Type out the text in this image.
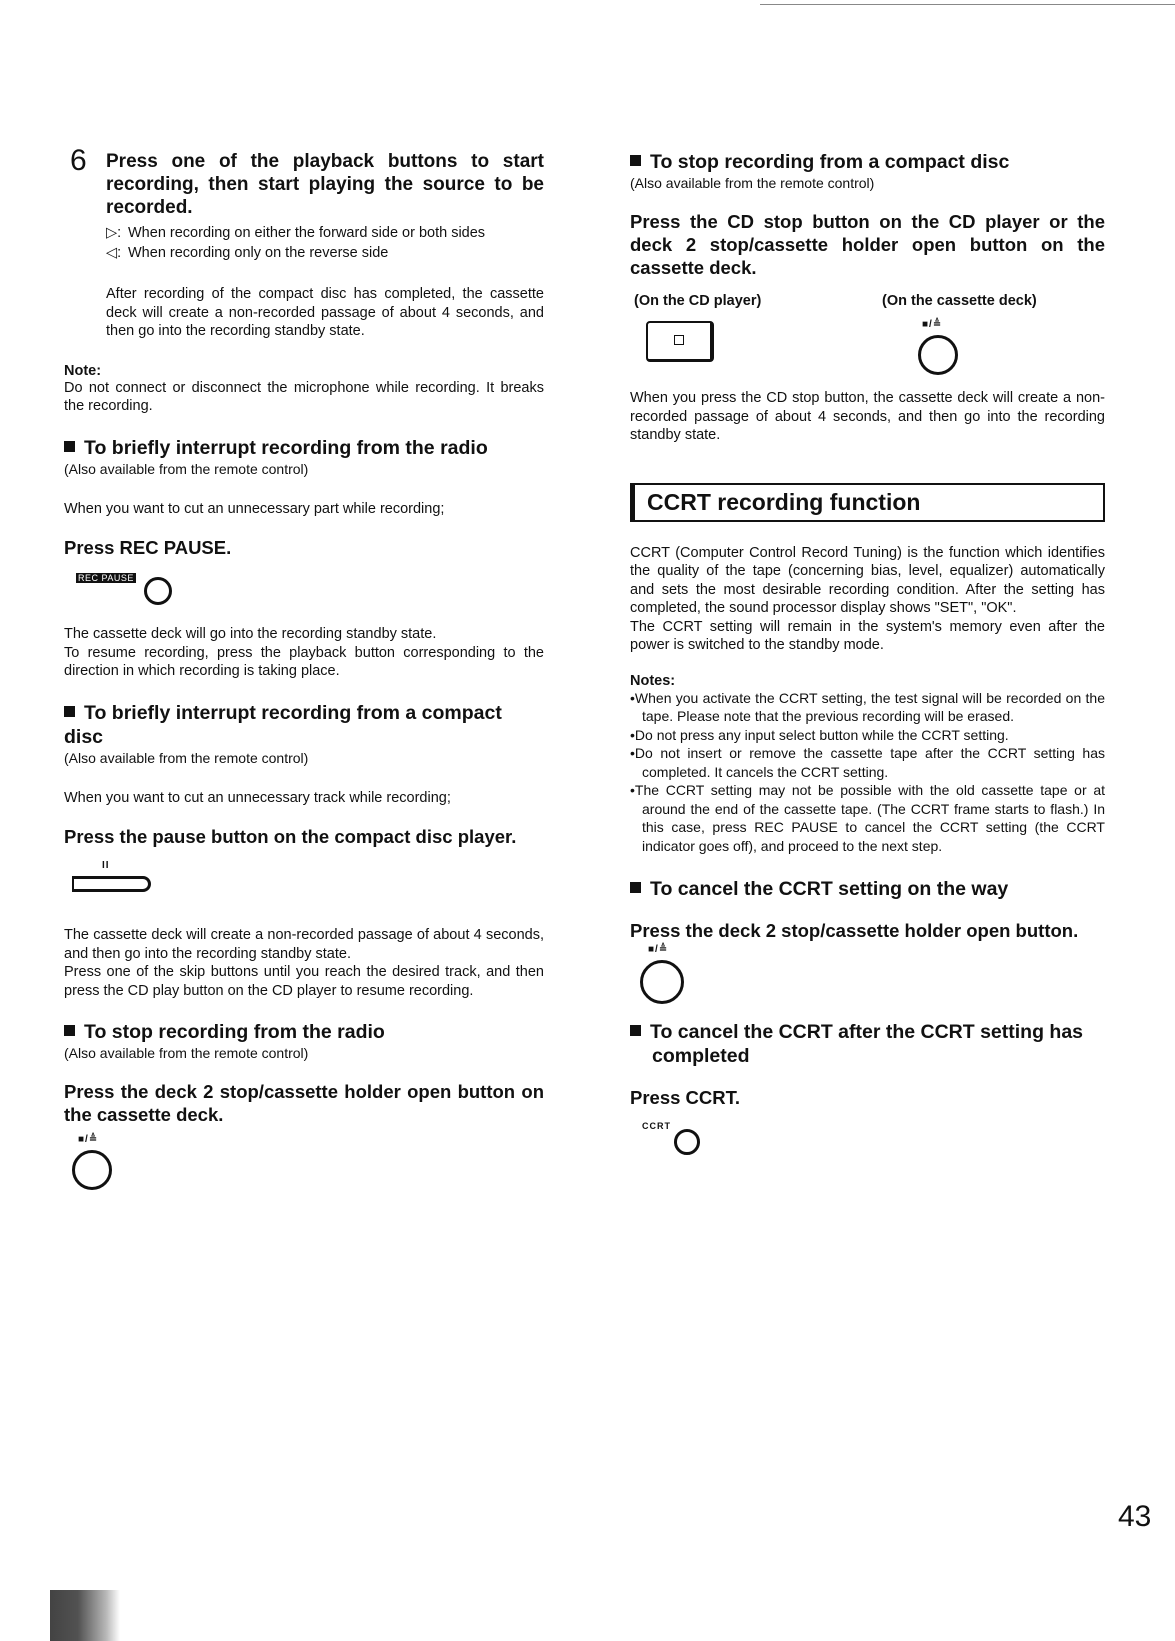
6 Press one of the playback buttons to start recording, then start playing the source to be recorded.

▷: When recording on either the forward side or both sides
◁: When recording only on the reverse side

After recording of the compact disc has completed, the cassette deck will create a non-recorded passage of about 4 seconds, and then go into the recording standby state.

Note:

Do not connect or disconnect the microphone while recording. It breaks the recording.

To briefly interrupt recording from the radio

(Also available from the remote control)

When you want to cut an unnecessary part while recording;

Press REC PAUSE.

REC PAUSE

The cassette deck will go into the recording standby state.

To resume recording, press the playback button corresponding to the direction in which recording is taking place.

To briefly interrupt recording from a compact disc

(Also available from the remote control)

When you want to cut an unnecessary track while recording;

Press the pause button on the compact disc player.

II

The cassette deck will create a non-recorded passage of about 4 seconds, and then go into the recording standby state.

Press one of the skip buttons until you reach the desired track, and then press the CD play button on the CD player to resume recording.

To stop recording from the radio

(Also available from the remote control)

Press the deck 2 stop/cassette holder open button on the cassette deck.

■/≜
To stop recording from a compact disc

(Also available from the remote control)

Press the CD stop button on the CD player or the deck 2 stop/cassette holder open button on the cassette deck.

(On the CD player)	(On the cassette deck)
■/≜

When you press the CD stop button, the cassette deck will create a non-recorded passage of about 4 seconds, and then go into the recording standby state.

CCRT recording function

CCRT (Computer Control Record Tuning) is the function which identifies the quality of the tape (concerning bias, level, equalizer) automatically and sets the most desirable recording condition. After the setting has completed, the sound processor display shows "SET", "OK".

The CCRT setting will remain in the system's memory even after the power is switched to the standby mode.

Notes:

•When you activate the CCRT setting, the test signal will be recorded on the tape. Please note that the previous recording will be erased.

•Do not press any input select button while the CCRT setting.

•Do not insert or remove the cassette tape after the CCRT setting has completed. It cancels the CCRT setting.

•The CCRT setting may not be possible with the old cassette tape or at around the end of the cassette tape. (The CCRT frame starts to flash.) In this case, press REC PAUSE to cancel the CCRT setting (the CCRT indicator goes off), and proceed to the next step.

To cancel the CCRT setting on the way

Press the deck 2 stop/cassette holder open button.

■/≜
To cancel the CCRT after the CCRT setting has completed

Press CCRT.

CCRT
43
